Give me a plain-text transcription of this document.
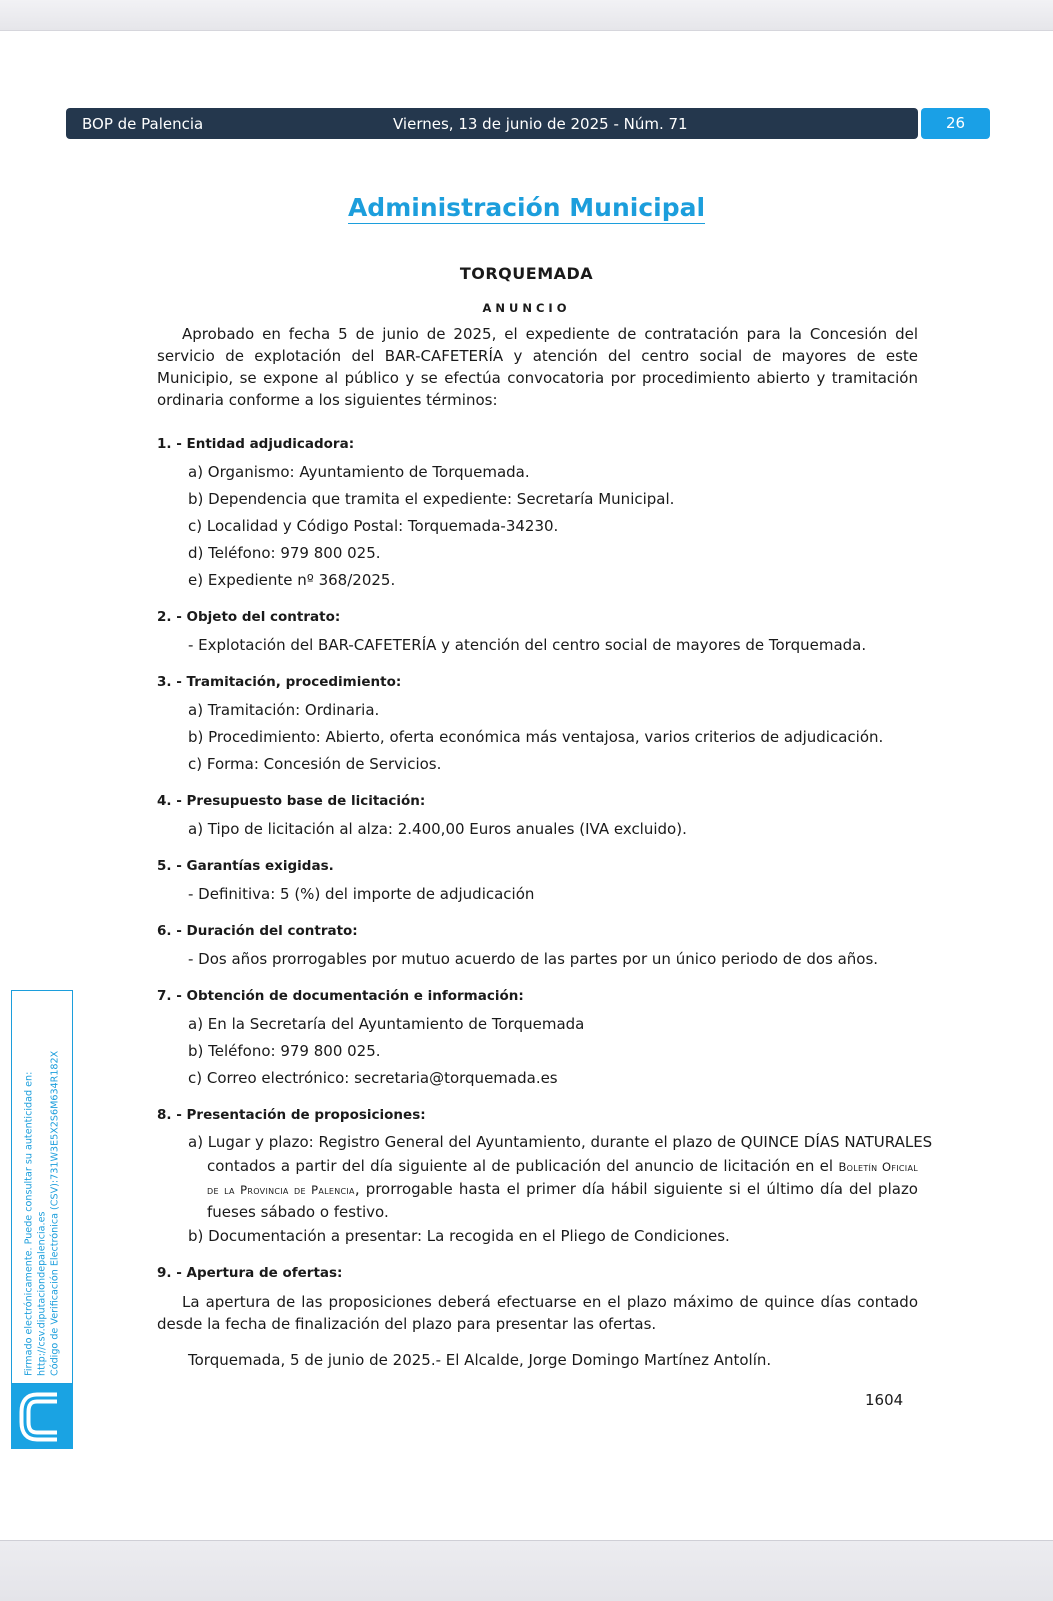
BOP de Palencia	Viernes, 13 de junio de 2025 - Núm. 71	26
Administración Municipal
TORQUEMADA
ANUNCIO
Aprobado en fecha 5 de junio de 2025, el expediente de contratación para la Concesión del servicio de explotación del BAR-CAFETERÍA y atención del centro social de mayores de este Municipio, se expone al público y se efectúa convocatoria por procedimiento abierto y tramitación ordinaria conforme a los siguientes términos:
1. - Entidad adjudicadora:
a) Organismo: Ayuntamiento de Torquemada.
b) Dependencia que tramita el expediente: Secretaría Municipal.
c) Localidad y Código Postal: Torquemada-34230.
d) Teléfono: 979 800 025.
e) Expediente nº 368/2025.
2. - Objeto del contrato:
- Explotación del BAR-CAFETERÍA y atención del centro social de mayores de Torquemada.
3. - Tramitación, procedimiento:
a) Tramitación: Ordinaria.
b) Procedimiento: Abierto, oferta económica más ventajosa, varios criterios de adjudicación.
c) Forma: Concesión de Servicios.
4. - Presupuesto base de licitación:
a) Tipo de licitación al alza: 2.400,00 Euros anuales (IVA excluido).
5. - Garantías exigidas.
- Definitiva: 5 (%) del importe de adjudicación
6. - Duración del contrato:
- Dos años prorrogables por mutuo acuerdo de las partes por un único periodo de dos años.
7. - Obtención de documentación e información:
a) En la Secretaría del Ayuntamiento de Torquemada
b) Teléfono: 979 800 025.
c) Correo electrónico: secretaria@torquemada.es
8. - Presentación de proposiciones:
a) Lugar y plazo: Registro General del Ayuntamiento, durante el plazo de QUINCE DÍAS NATURALES
contados a partir del día siguiente al de publicación del anuncio de licitación en el Boletín Oficial de la Provincia de Palencia, prorrogable hasta el primer día hábil siguiente si el último día del plazo fueses sábado o festivo.
b) Documentación a presentar: La recogida en el Pliego de Condiciones.
9. - Apertura de ofertas:
La apertura de las proposiciones deberá efectuarse en el plazo máximo de quince días contado desde la fecha de finalización del plazo para presentar las ofertas.
Torquemada, 5 de junio de 2025.- El Alcalde, Jorge Domingo Martínez Antolín.
1604
Firmado electrónicamente. Puede consultar su autenticidad en: http://csv.diputaciondepalencia.es Código de Verificación Electrónica (CSV):731W3E5X2S6M634R182X
